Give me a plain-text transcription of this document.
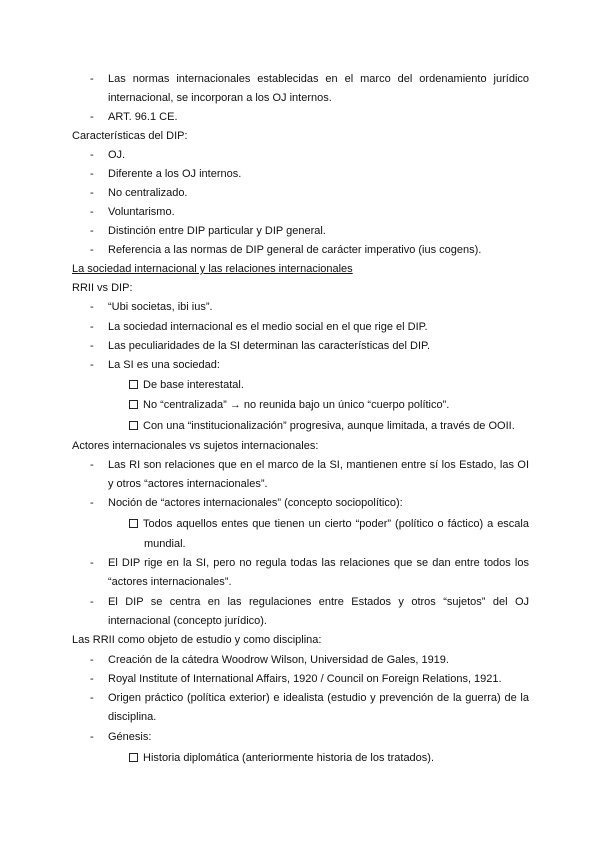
- Las normas internacionales establecidas en el marco del ordenamiento jurídico
internacional, se incorporan a los OJ internos.
- ART. 96.1 CE.
Características del DIP:
- OJ.
- Diferente a los OJ internos.
- No centralizado.
- Voluntarismo.
- Distinción entre DIP particular y DIP general.
- Referencia a las normas de DIP general de carácter imperativo (ius cogens).
La sociedad internacional y las relaciones internacionales
RRII vs DIP:
- “Ubi societas, ibi ius”.
- La sociedad internacional es el medio social en el que rige el DIP.
- Las peculiaridades de la SI determinan las características del DIP.
- La SI es una sociedad:
De base interestatal.
No “centralizada” → no reunida bajo un único “cuerpo político”.
Con una “institucionalización” progresiva, aunque limitada, a través de OOII.
Actores internacionales vs sujetos internacionales:
- Las RI son relaciones que en el marco de la SI, mantienen entre sí los Estado, las OI
y otros “actores internacionales”.
- Noción de “actores internacionales” (concepto sociopolítico):
Todos aquellos entes que tienen un cierto “poder” (político o fáctico) a escala
mundial.
- El DIP rige en la SI, pero no regula todas las relaciones que se dan entre todos los
“actores internacionales”.
- El DIP se centra en las regulaciones entre Estados y otros “sujetos” del OJ
internacional (concepto jurídico).
Las RRII como objeto de estudio y como disciplina:
- Creación de la cátedra Woodrow Wilson, Universidad de Gales, 1919.
- Royal Institute of International Affairs, 1920 / Council on Foreign Relations, 1921.
- Origen práctico (política exterior) e idealista (estudio y prevención de la guerra) de la
disciplina.
- Génesis:
Historia diplomática (anteriormente historia de los tratados).
